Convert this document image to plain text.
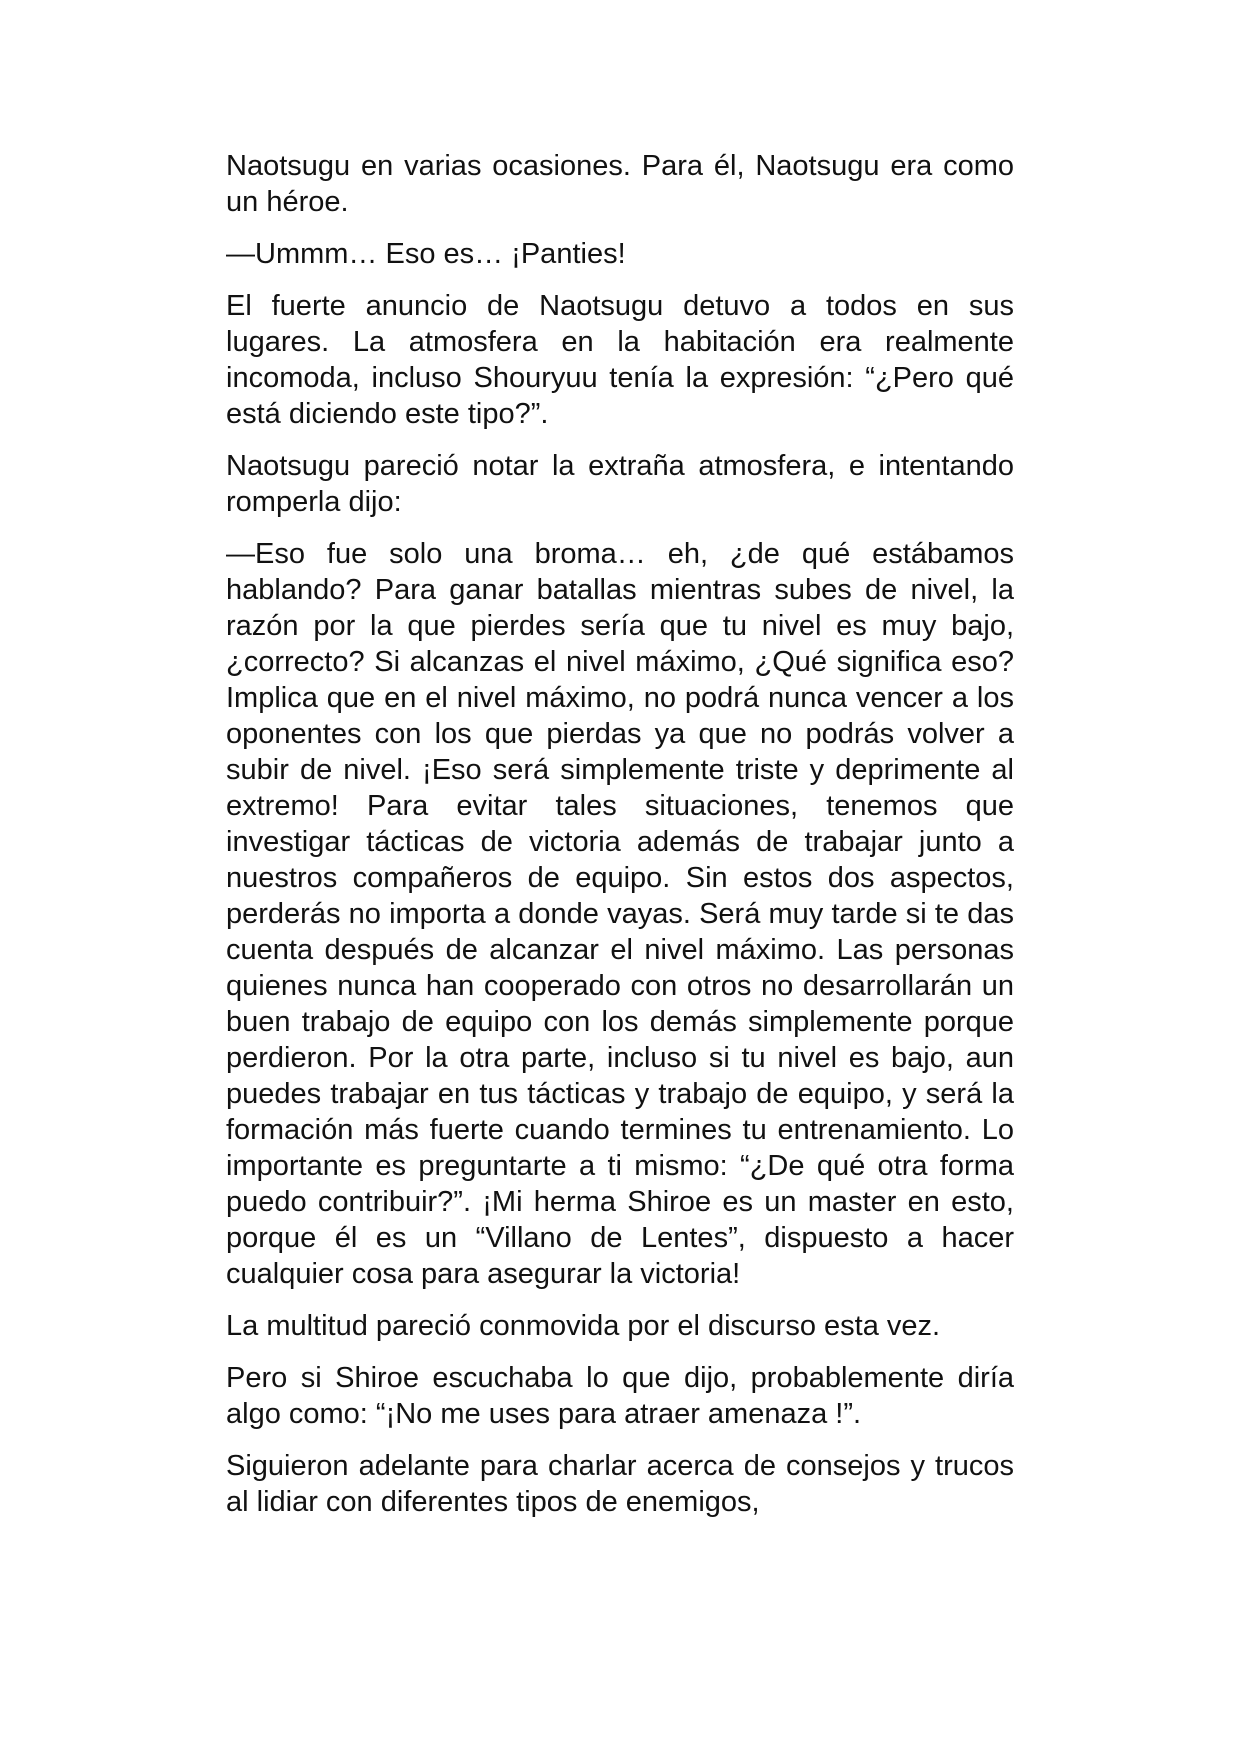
Naotsugu en varias ocasiones. Para él, Naotsugu era como un héroe.

—Ummm… Eso es… ¡Panties!

El fuerte anuncio de Naotsugu detuvo a todos en sus lugares. La atmosfera en la habitación era realmente incomoda, incluso Shouryuu tenía la expresión: “¿Pero qué está diciendo este tipo?”.

Naotsugu pareció notar la extraña atmosfera, e intentando romperla dijo:

—Eso fue solo una broma… eh, ¿de qué estábamos hablando? Para ganar batallas mientras subes de nivel, la razón por la que pierdes sería que tu nivel es muy bajo, ¿correcto? Si alcanzas el nivel máximo, ¿Qué significa eso? Implica que en el nivel máximo, no podrá nunca vencer a los oponentes con los que pierdas ya que no podrás volver a subir de nivel. ¡Eso será simplemente triste y deprimente al extremo! Para evitar tales situaciones, tenemos que investigar tácticas de victoria además de trabajar junto a nuestros compañeros de equipo. Sin estos dos aspectos, perderás no importa a donde vayas. Será muy tarde si te das cuenta después de alcanzar el nivel máximo. Las personas quienes nunca han cooperado con otros no desarrollarán un buen trabajo de equipo con los demás simplemente porque perdieron. Por la otra parte, incluso si tu nivel es bajo, aun puedes trabajar en tus tácticas y trabajo de equipo, y será la formación más fuerte cuando termines tu entrenamiento. Lo importante es preguntarte a ti mismo: “¿De qué otra forma puedo contribuir?”. ¡Mi herma Shiroe es un master en esto, porque él es un “Villano de Lentes”, dispuesto a hacer cualquier cosa para asegurar la victoria!

La multitud pareció conmovida por el discurso esta vez.

Pero si Shiroe escuchaba lo que dijo, probablemente diría algo como: “¡No me uses para atraer amenaza !”.

Siguieron adelante para charlar acerca de consejos y trucos al lidiar con diferentes tipos de enemigos,
